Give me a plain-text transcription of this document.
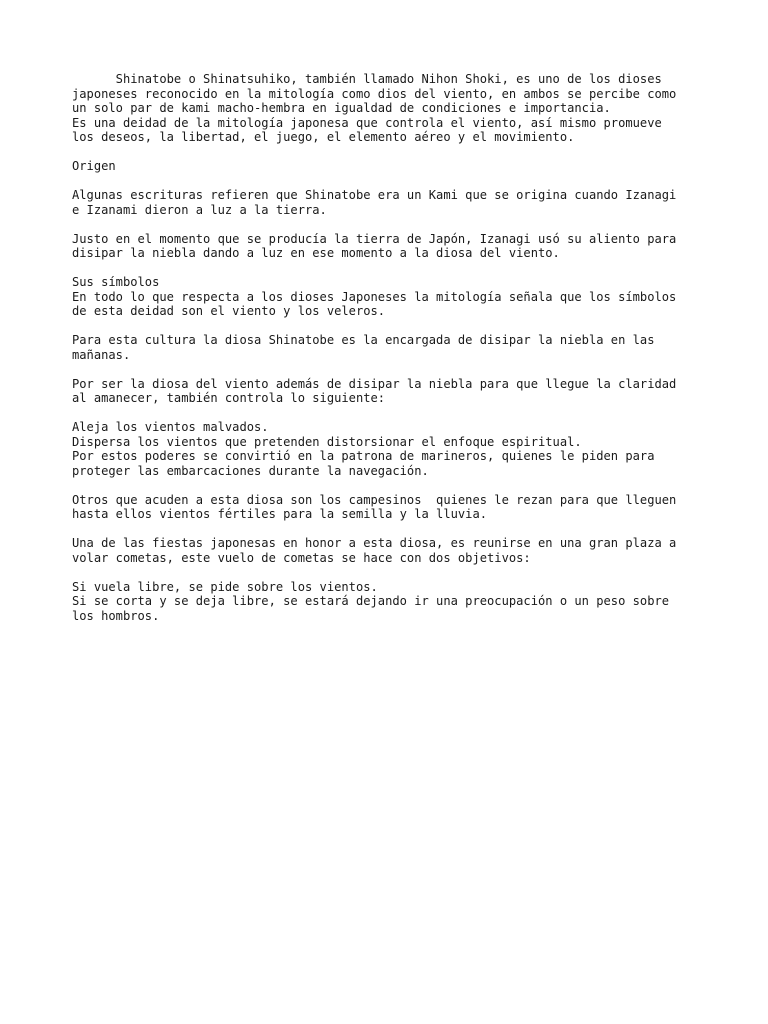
Shinatobe o Shinatsuhiko, también llamado Nihon Shoki, es uno de los dioses
japoneses reconocido en la mitología como dios del viento, en ambos se percibe como
un solo par de kami macho-hembra en igualdad de condiciones e importancia.
Es una deidad de la mitología japonesa que controla el viento, así mismo promueve
los deseos, la libertad, el juego, el elemento aéreo y el movimiento.

Origen

Algunas escrituras refieren que Shinatobe era un Kami que se origina cuando Izanagi
e Izanami dieron a luz a la tierra.

Justo en el momento que se producía la tierra de Japón, Izanagi usó su aliento para
disipar la niebla dando a luz en ese momento a la diosa del viento.

Sus símbolos
En todo lo que respecta a los dioses Japoneses la mitología señala que los símbolos
de esta deidad son el viento y los veleros.

Para esta cultura la diosa Shinatobe es la encargada de disipar la niebla en las
mañanas.

Por ser la diosa del viento además de disipar la niebla para que llegue la claridad
al amanecer, también controla lo siguiente:

Aleja los vientos malvados.
Dispersa los vientos que pretenden distorsionar el enfoque espiritual.
Por estos poderes se convirtió en la patrona de marineros, quienes le piden para
proteger las embarcaciones durante la navegación.

Otros que acuden a esta diosa son los campesinos  quienes le rezan para que lleguen
hasta ellos vientos fértiles para la semilla y la lluvia.

Una de las fiestas japonesas en honor a esta diosa, es reunirse en una gran plaza a
volar cometas, este vuelo de cometas se hace con dos objetivos:

Si vuela libre, se pide sobre los vientos.
Si se corta y se deja libre, se estará dejando ir una preocupación o un peso sobre
los hombros.
